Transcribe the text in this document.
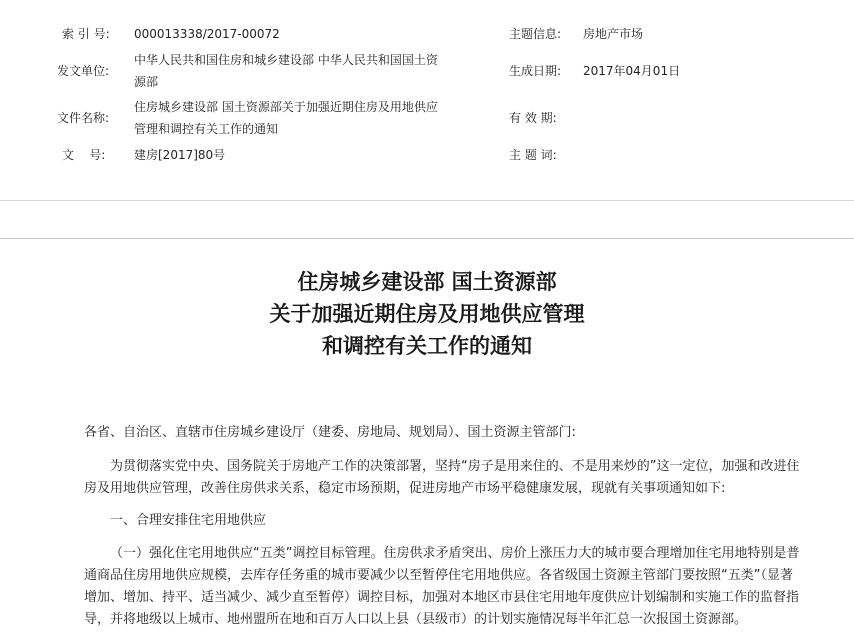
索 引 号: 000013338/2017-00072	主题信息: 房地产市场
发文单位:
中华人民共和国住房和城乡建设部 中华人民共和国国土资源部
生成日期: 2017年04月01日
文件名称:
住房城乡建设部 国土资源部关于加强近期住房及用地供应管理和调控有关工作的通知
有 效 期:
文    号: 建房[2017]80号	主 题 词:
住房城乡建设部 国土资源部
关于加强近期住房及用地供应管理
和调控有关工作的通知

各省、自治区、直辖市住房城乡建设厅（建委、房地局、规划局）、国土资源主管部门:

为贯彻落实党中央、国务院关于房地产工作的决策部署，坚持“房子是用来住的、不是用来炒的”这一定位，加强和改进住房及用地供应管理，改善住房供求关系，稳定市场预期，促进房地产市场平稳健康发展，现就有关事项通知如下:

一、合理安排住宅用地供应

（一）强化住宅用地供应“五类”调控目标管理。住房供求矛盾突出、房价上涨压力大的城市要合理增加住宅用地特别是普通商品住房用地供应规模，去库存任务重的城市要减少以至暂停住宅用地供应。各省级国土资源主管部门要按照“五类”（显著增加、增加、持平、适当减少、减少直至暂停）调控目标，加强对本地区市县住宅用地年度供应计划编制和实施工作的监督指导，并将地级以上城市、地州盟所在地和百万人口以上县（县级市）的计划实施情况每半年汇总一次报国土资源部。
